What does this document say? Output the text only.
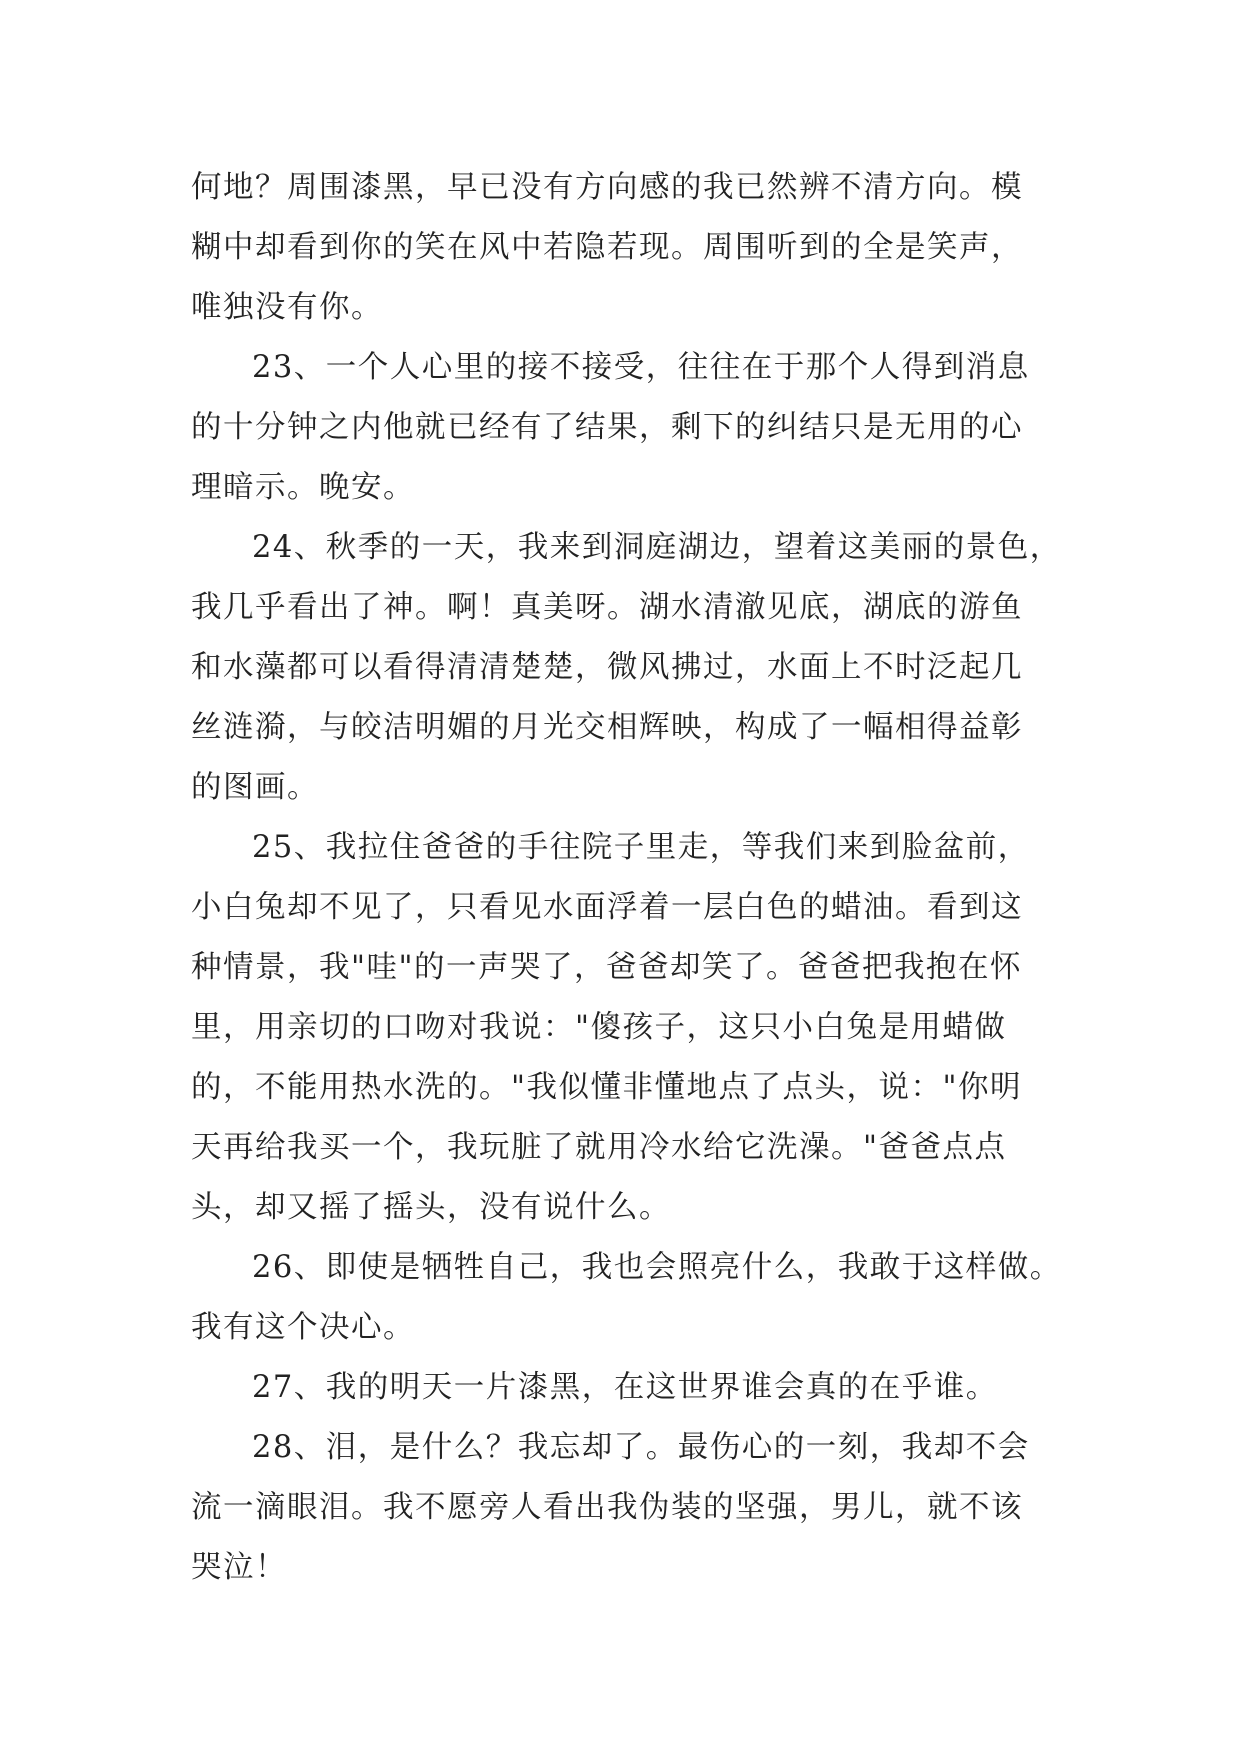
何地？周围漆黑，早已没有方向感的我已然辨不清方向。模
糊中却看到你的笑在风中若隐若现。周围听到的全是笑声，
唯独没有你。
23、一个人心里的接不接受，往往在于那个人得到消息
的十分钟之内他就已经有了结果，剩下的纠结只是无用的心
理暗示。晚安。
24、秋季的一天，我来到洞庭湖边，望着这美丽的景色，
我几乎看出了神。啊！真美呀。湖水清澈见底，湖底的游鱼
和水藻都可以看得清清楚楚，微风拂过，水面上不时泛起几
丝涟漪，与皎洁明媚的月光交相辉映，构成了一幅相得益彰
的图画。
25、我拉住爸爸的手往院子里走，等我们来到脸盆前，
小白兔却不见了，只看见水面浮着一层白色的蜡油。看到这
种情景，我"哇"的一声哭了，爸爸却笑了。爸爸把我抱在怀
里，用亲切的口吻对我说："傻孩子，这只小白兔是用蜡做
的，不能用热水洗的。"我似懂非懂地点了点头，说："你明
天再给我买一个，我玩脏了就用冷水给它洗澡。"爸爸点点
头，却又摇了摇头，没有说什么。
26、即使是牺牲自己，我也会照亮什么，我敢于这样做。
我有这个决心。
27、我的明天一片漆黑，在这世界谁会真的在乎谁。
28、泪，是什么？我忘却了。最伤心的一刻，我却不会
流一滴眼泪。我不愿旁人看出我伪装的坚强，男儿，就不该
哭泣！
